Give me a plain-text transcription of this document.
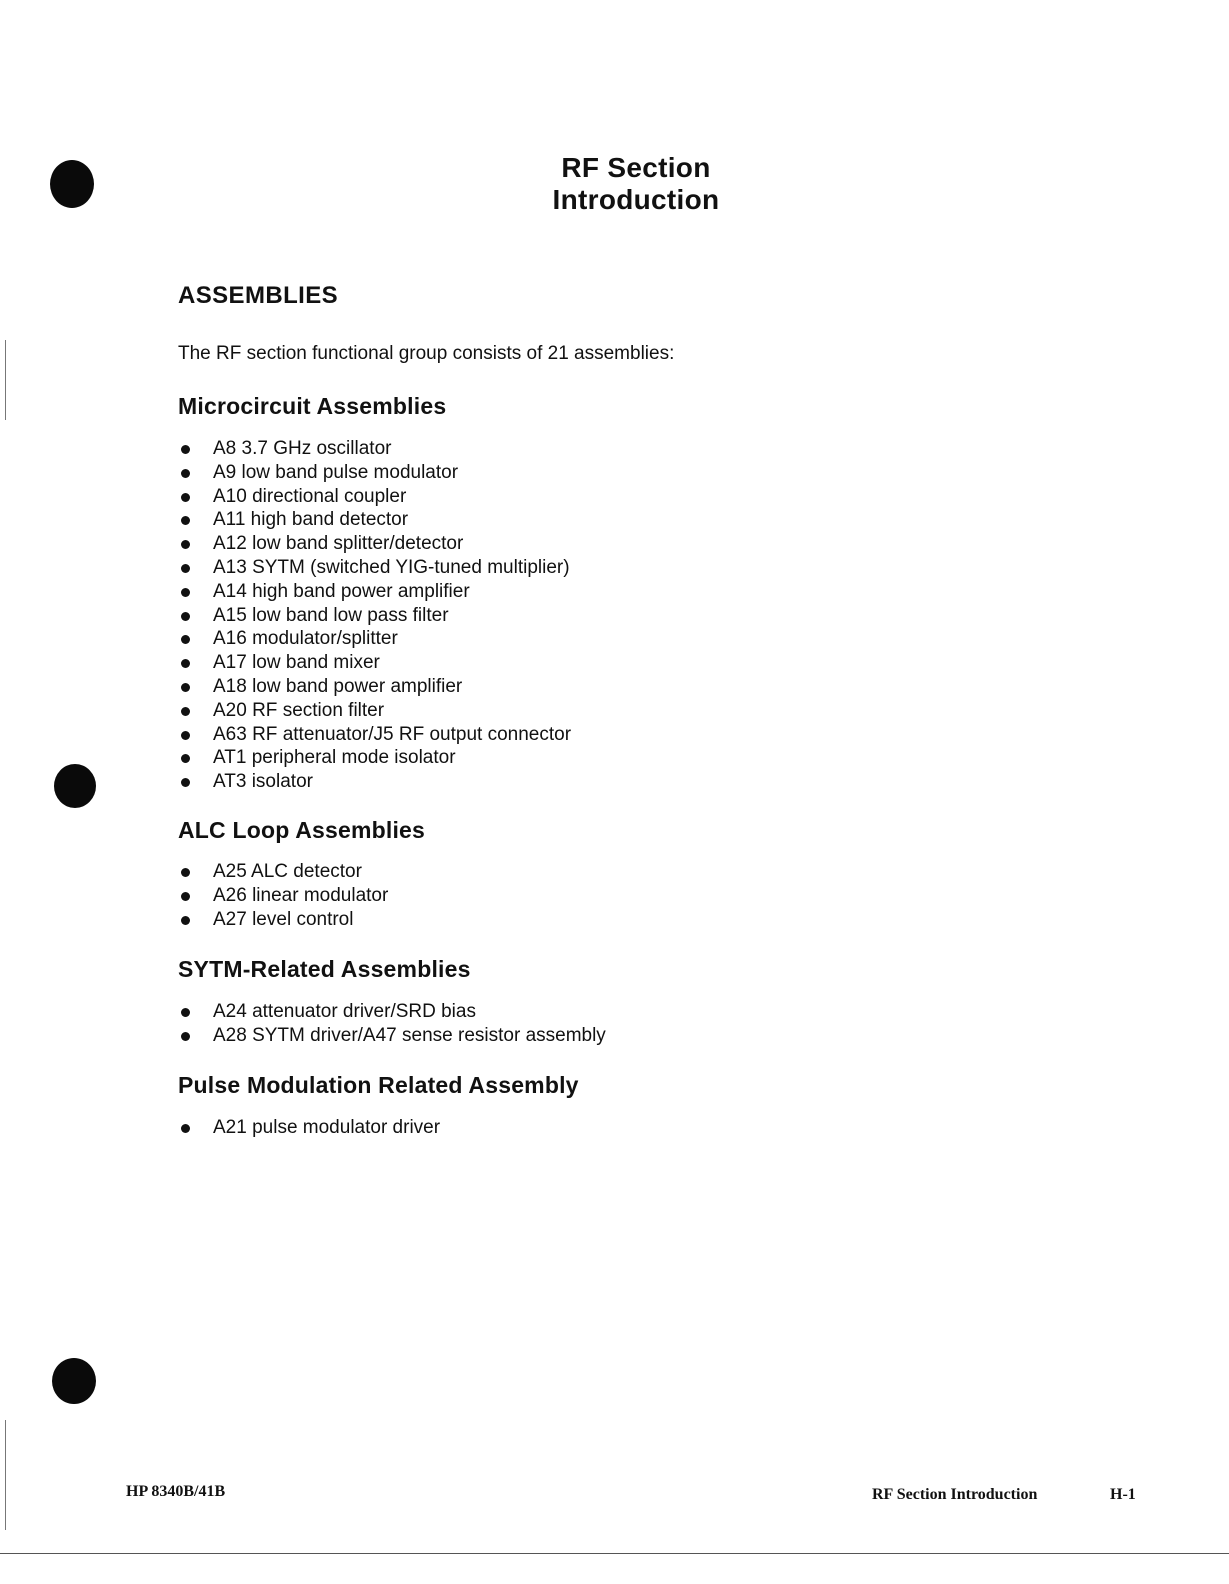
RF Section
Introduction
ASSEMBLIES

The RF section functional group consists of 21 assemblies:

Microcircuit Assemblies
A8 3.7 GHz oscillator
A9 low band pulse modulator
A10 directional coupler
A11 high band detector
A12 low band splitter/detector
A13 SYTM (switched YIG-tuned multiplier)
A14 high band power amplifier
A15 low band low pass filter
A16 modulator/splitter
A17 low band mixer
A18 low band power amplifier
A20 RF section filter
A63 RF attenuator/J5 RF output connector
AT1 peripheral mode isolator
AT3 isolator
ALC Loop Assemblies
A25 ALC detector
A26 linear modulator
A27 level control
SYTM-Related Assemblies
A24 attenuator driver/SRD bias
A28 SYTM driver/A47 sense resistor assembly
Pulse Modulation Related Assembly
A21 pulse modulator driver
HP 8340B/41B	RF Section Introduction	H-1
